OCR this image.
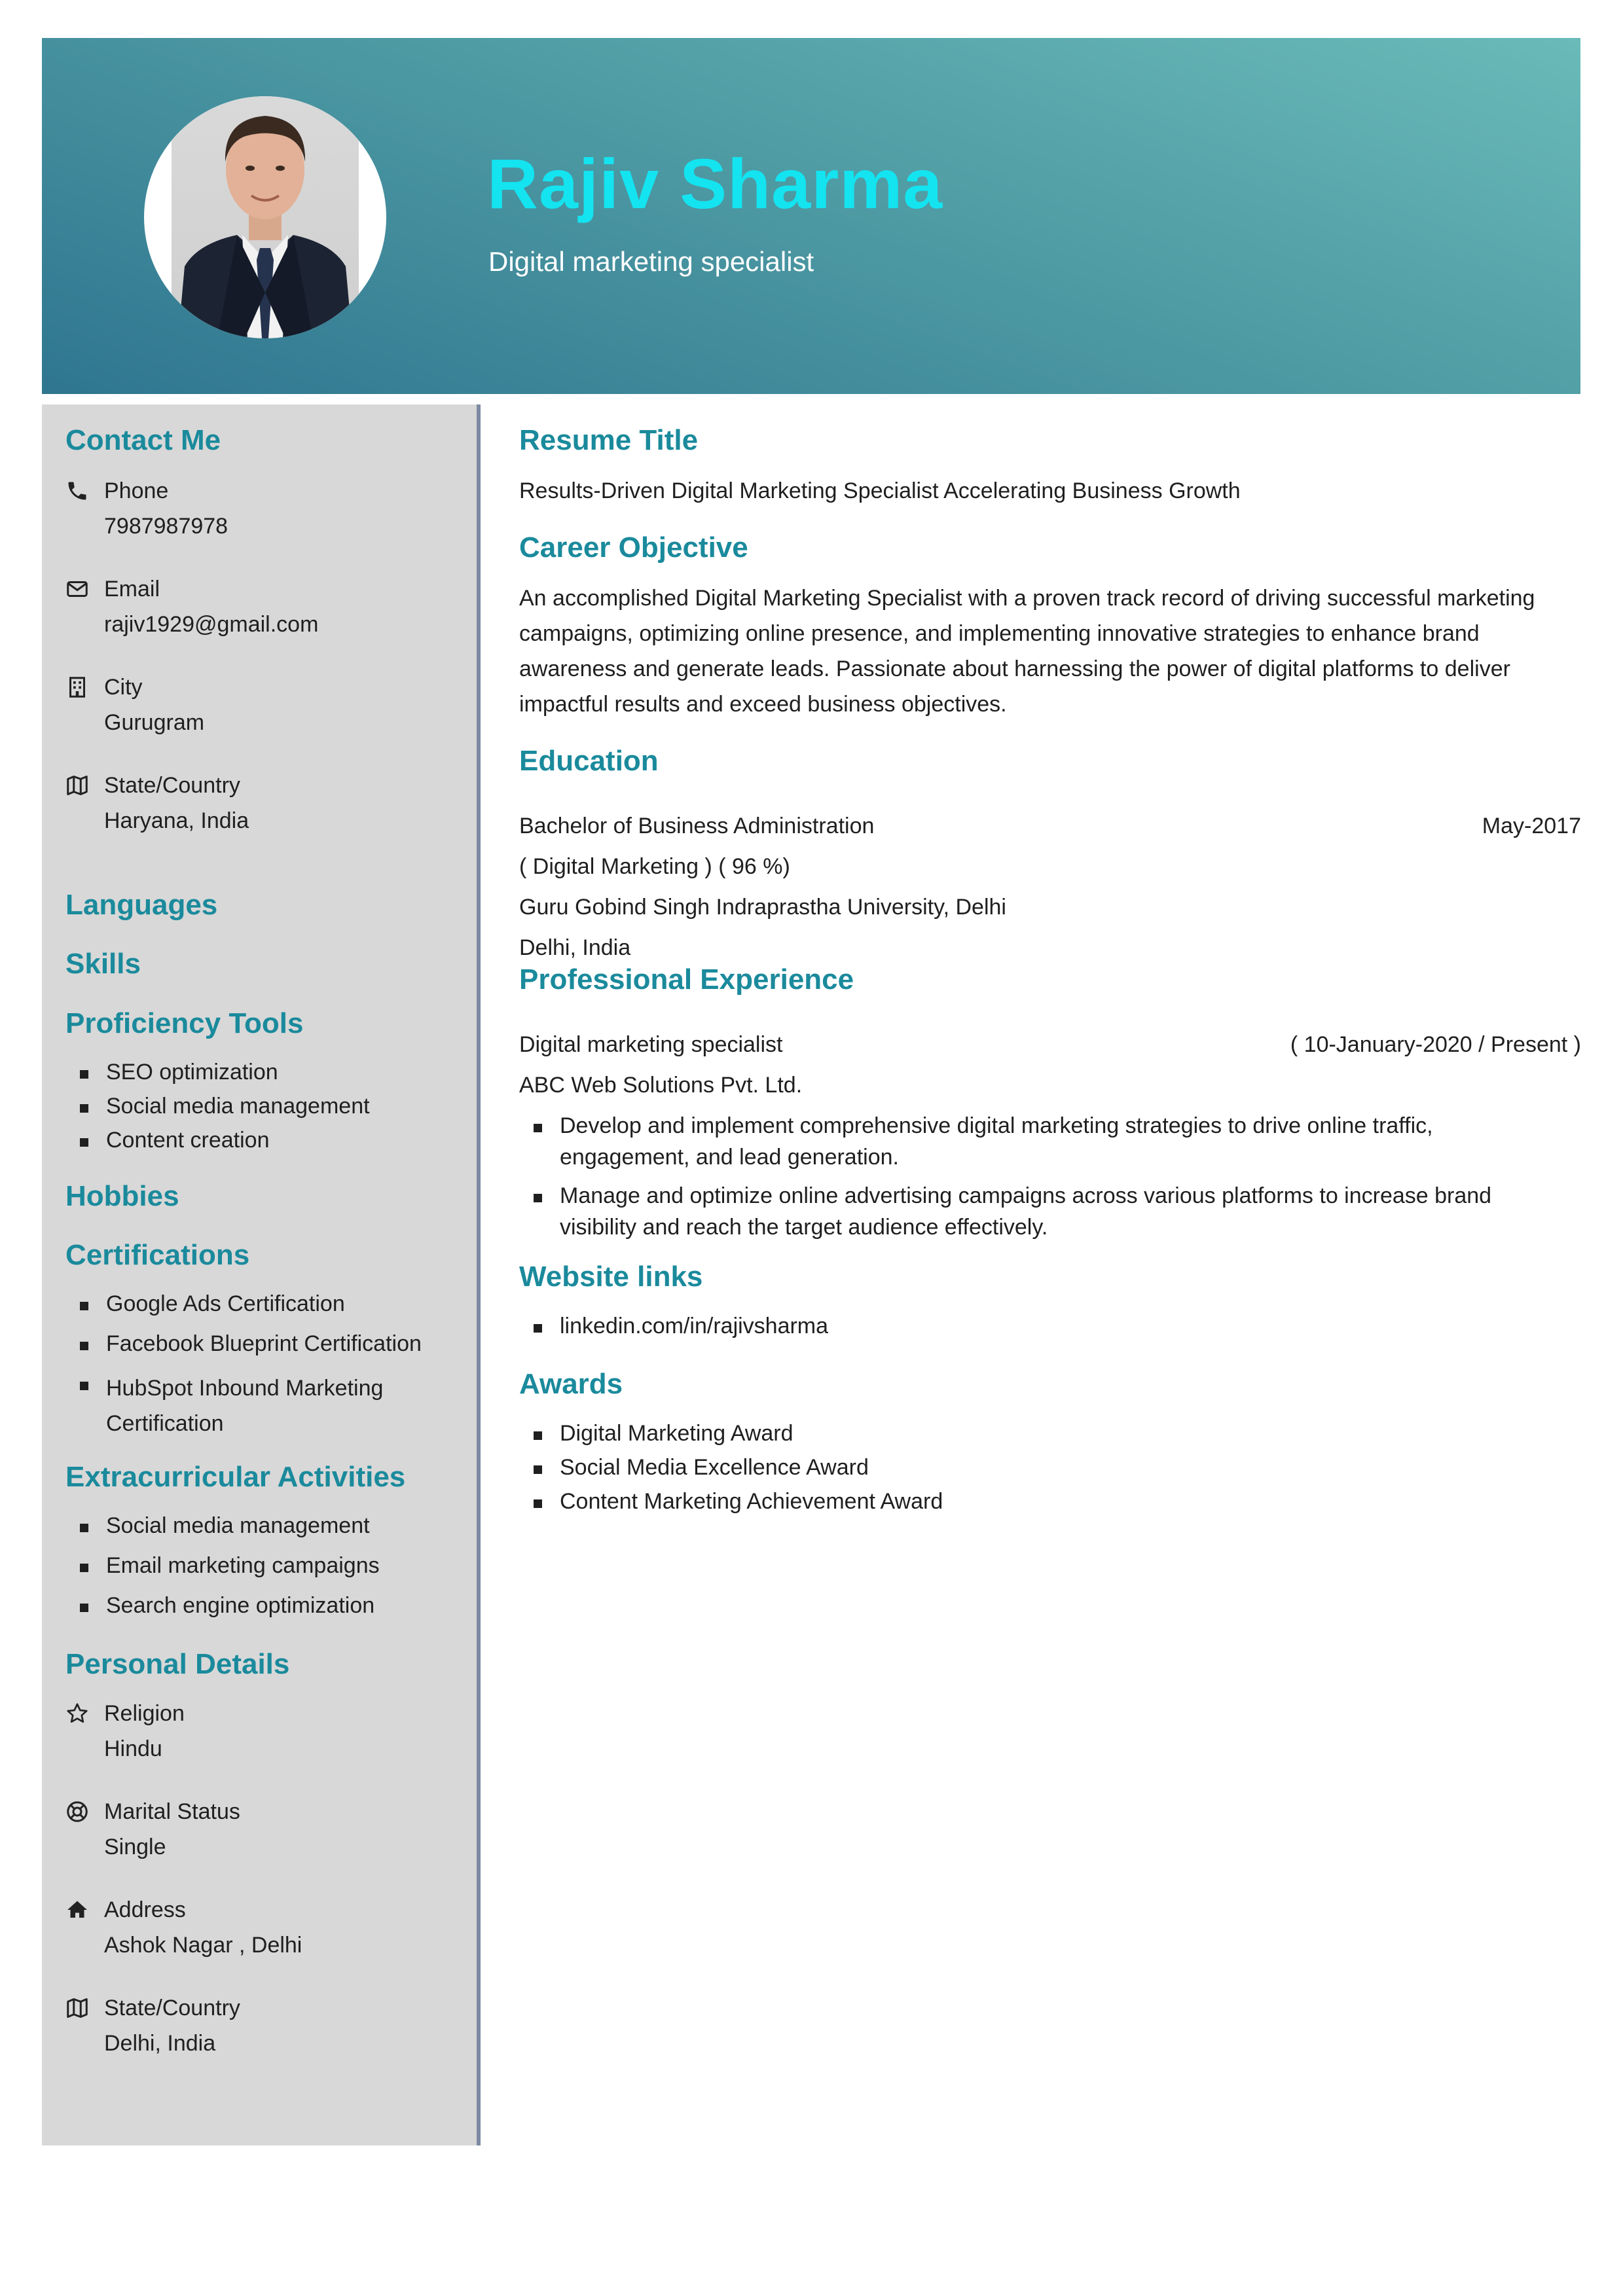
Rajiv Sharma
Digital marketing specialist
Contact Me
Phone
7987987978
Email
rajiv1929@gmail.com
City
Gurugram
State/Country
Haryana, India
Languages
Skills
Proficiency Tools
SEO optimization
Social media management
Content creation
Hobbies
Certifications
Google Ads Certification
Facebook Blueprint Certification
HubSpot Inbound Marketing Certification
Extracurricular Activities
Social media management
Email marketing campaigns
Search engine optimization
Personal Details
Religion
Hindu
Marital Status
Single
Address
Ashok Nagar , Delhi
State/Country
Delhi, India
Resume Title
Results-Driven Digital Marketing Specialist Accelerating Business Growth
Career Objective
An accomplished Digital Marketing Specialist with a proven track record of driving successful marketing
campaigns, optimizing online presence, and implementing innovative strategies to enhance brand
awareness and generate leads. Passionate about harnessing the power of digital platforms to deliver
impactful results and exceed business objectives.
Education
Bachelor of Business Administration	May-2017
( Digital Marketing ) ( 96 %)
Guru Gobind Singh Indraprastha University, Delhi
Delhi, India
Professional Experience
Digital marketing specialist	( 10-January-2020 / Present )
ABC Web Solutions Pvt. Ltd.
Develop and implement comprehensive digital marketing strategies to drive online traffic,
engagement, and lead generation.
Manage and optimize online advertising campaigns across various platforms to increase brand
visibility and reach the target audience effectively.
Website links
linkedin.com/in/rajivsharma
Awards
Digital Marketing Award
Social Media Excellence Award
Content Marketing Achievement Award
